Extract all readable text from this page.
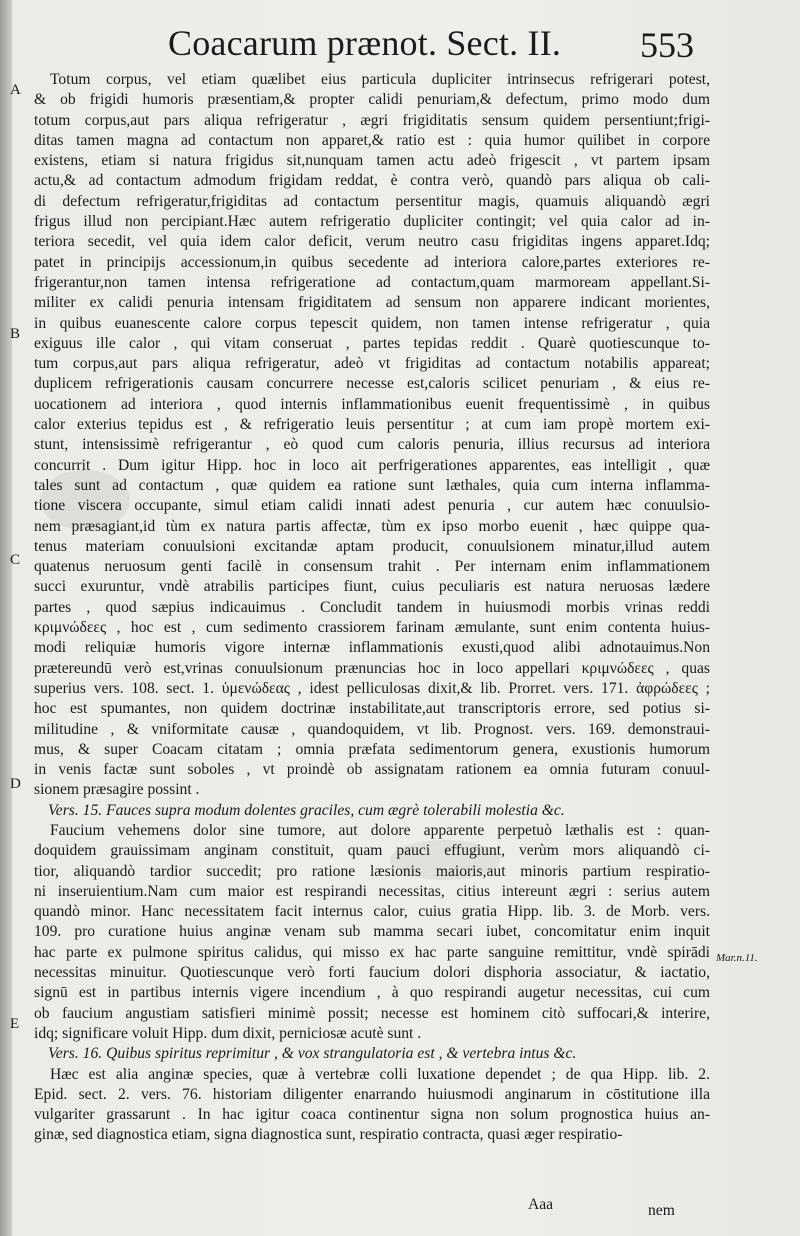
Coacarum prænot. Sect. II. 553
A
B
C
D
E
Mar.n.11.
Totum corpus, vel etiam quælibet eius particula dupliciter intrinsecus refrigerari potest,
& ob frigidi humoris præsentiam,& propter calidi penuriam,& defectum, primo modo dum
totum corpus,aut pars aliqua refrigeratur , ægri frigiditatis sensum quidem persentiunt;frigi-
ditas tamen magna ad contactum non apparet,& ratio est : quia humor quilibet in corpore
existens, etiam si natura frigidus sit,nunquam tamen actu adeò frigescit , vt partem ipsam
actu,& ad contactum admodum frigidam reddat, è contra verò, quandò pars aliqua ob cali-
di defectum refrigeratur,frigiditas ad contactum persentitur magis, quamuis aliquandò ægri
frigus illud non percipiant.Hæc autem refrigeratio dupliciter contingit; vel quia calor ad in-
teriora secedit, vel quia idem calor deficit, verum neutro casu frigiditas ingens apparet.Idq;
patet in principijs accessionum,in quibus secedente ad interiora calore,partes exteriores re-
frigerantur,non tamen intensa refrigeratione ad contactum,quam marmoream appellant.Si-
militer ex calidi penuria intensam frigiditatem ad sensum non apparere indicant morientes,
in quibus euanescente calore corpus tepescit quidem, non tamen intense refrigeratur , quia
exiguus ille calor , qui vitam conseruat , partes tepidas reddit . Quarè quotiescunque to-
tum corpus,aut pars aliqua refrigeratur, adeò vt frigiditas ad contactum notabilis appareat;
duplicem refrigerationis causam concurrere necesse est,caloris scilicet penuriam , & eius re-
uocationem ad interiora , quod internis inflammationibus euenit frequentissimè , in quibus
calor exterius tepidus est , & refrigeratio leuis persentitur ; at cum iam propè mortem exi-
stunt, intensissimè refrigerantur , eò quod cum caloris penuria, illius recursus ad interiora
concurrit . Dum igitur Hipp. hoc in loco ait perfrigerationes apparentes, eas intelligit , quæ
tales sunt ad contactum , quæ quidem ea ratione sunt læthales, quia cum interna inflamma-
tione viscera occupante, simul etiam calidi innati adest penuria , cur autem hæc conuulsio-
nem præsagiant,id tùm ex natura partis affectæ, tùm ex ipso morbo euenit , hæc quippe qua-
tenus materiam conuulsioni excitandæ aptam producit, conuulsionem minatur,illud autem
quatenus neruosum genti facilè in consensum trahit . Per internam enim inflammationem
succi exuruntur, vndè atrabilis participes fiunt, cuius peculiaris est natura neruosas lædere
partes , quod sæpius indicauimus . Concludit tandem in huiusmodi morbis vrinas reddi
κριμνώδεες , hoc est , cum sedimento crassiorem farinam æmulante, sunt enim contenta huius-
modi reliquiæ humoris vigore internæ inflammationis exusti,quod alibi adnotauimus.Non
prætereundū verò est,vrinas conuulsionum prænuncias hoc in loco appellari κριμνώδεες , quas
superius vers. 108. sect. 1. ὑμενώδεας , idest pelliculosas dixit,& lib. Prorret. vers. 171. ἀφρώδεες ;
hoc est spumantes, non quidem doctrinæ instabilitate,aut transcriptoris errore, sed potius si-
militudine , & vniformitate causæ , quandoquidem, vt lib. Prognost. vers. 169. demonstraui-
mus, & super Coacam citatam ; omnia præfata sedimentorum genera, exustionis humorum
in venis factæ sunt soboles , vt proindè ob assignatam rationem ea omnia futuram conuul-
sionem præsagire possint .
Vers. 15. Fauces supra modum dolentes graciles, cum ægrè tolerabili molestia &c.
Faucium vehemens dolor sine tumore, aut dolore apparente perpetuò læthalis est : quan-
doquidem grauissimam anginam constituit, quam pauci effugiunt, verùm mors aliquandò ci-
tior, aliquandò tardior succedit; pro ratione læsionis maioris,aut minoris partium respiratio-
ni inseruientium.Nam cum maior est respirandi necessitas, citius intereunt ægri : serius autem
quandò minor. Hanc necessitatem facit internus calor, cuius gratia Hipp. lib. 3. de Morb. vers.
109. pro curatione huius anginæ venam sub mamma secari iubet, concomitatur enim inquit
hac parte ex pulmone spiritus calidus, qui misso ex hac parte sanguine remittitur, vndè spirādi
necessitas minuitur. Quotiescunque verò forti faucium dolori disphoria associatur, & iactatio,
signū est in partibus internis vigere incendium , à quo respirandi augetur necessitas, cui cum
ob faucium angustiam satisfieri minimè possit; necesse est hominem citò suffocari,& interire,
idq; significare voluit Hipp. dum dixit, perniciosæ acutè sunt .
Vers. 16. Quibus spiritus reprimitur , & vox strangulatoria est , & vertebra intus &c.
Hæc est alia anginæ species, quæ à vertebræ colli luxatione dependet ; de qua Hipp. lib. 2.
Epid. sect. 2. vers. 76. historiam diligenter enarrando huiusmodi anginarum in cōstitutione illa
vulgariter grassarunt . In hac igitur coaca continentur signa non solum prognostica huius an-
ginæ, sed diagnostica etiam, signa diagnostica sunt, respiratio contracta, quasi æger respiratio-
Aaa	nem
